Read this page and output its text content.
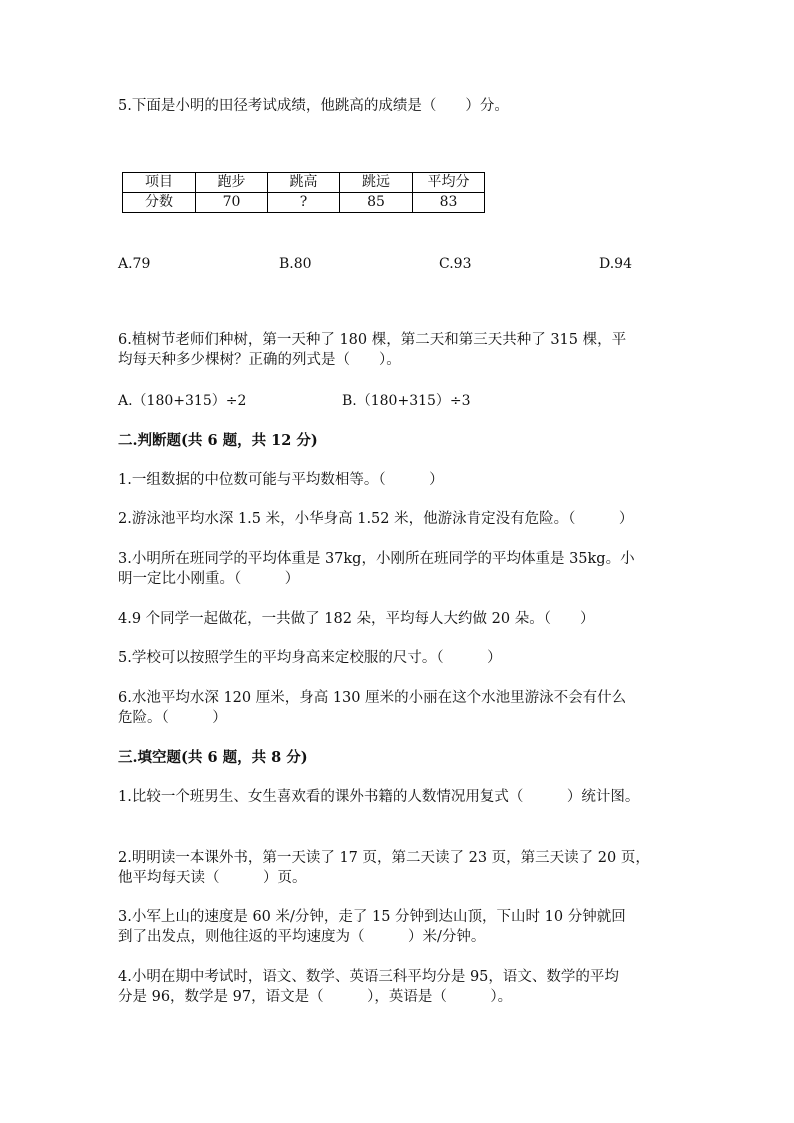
5.下面是小明的田径考试成绩，他跳高的成绩是（　　）分。
项目	跑步	跳高	跳远	平均分
分数	70	?	85	83
A.79	B.80	C.93	D.94
6.植树节老师们种树，第一天种了 180 棵，第二天和第三天共种了 315 棵，平
均每天种多少棵树？正确的列式是（　　）。
A.（180+315）÷2	B.（180+315）÷3
二.判断题(共 6 题，共 12 分)
1.一组数据的中位数可能与平均数相等。（　　　）
2.游泳池平均水深 1.5 米，小华身高 1.52 米，他游泳肯定没有危险。（　　　）
3.小明所在班同学的平均体重是 37kg，小刚所在班同学的平均体重是 35kg。小
明一定比小刚重。（　　　）
4.9 个同学一起做花，一共做了 182 朵，平均每人大约做 20 朵。（　　）
5.学校可以按照学生的平均身高来定校服的尺寸。（　　　）
6.水池平均水深 120 厘米，身高 130 厘米的小丽在这个水池里游泳不会有什么
危险。（　　　）
三.填空题(共 6 题，共 8 分)
1.比较一个班男生、女生喜欢看的课外书籍的人数情况用复式（　　　）统计图。
2.明明读一本课外书，第一天读了 17 页，第二天读了 23 页，第三天读了 20 页，
他平均每天读（　　　）页。
3.小军上山的速度是 60 米/分钟，走了 15 分钟到达山顶，下山时 10 分钟就回
到了出发点，则他往返的平均速度为（　　　）米/分钟。
4.小明在期中考试时，语文、数学、英语三科平均分是 95，语文、数学的平均
分是 96，数学是 97，语文是（　　　），英语是（　　　）。
